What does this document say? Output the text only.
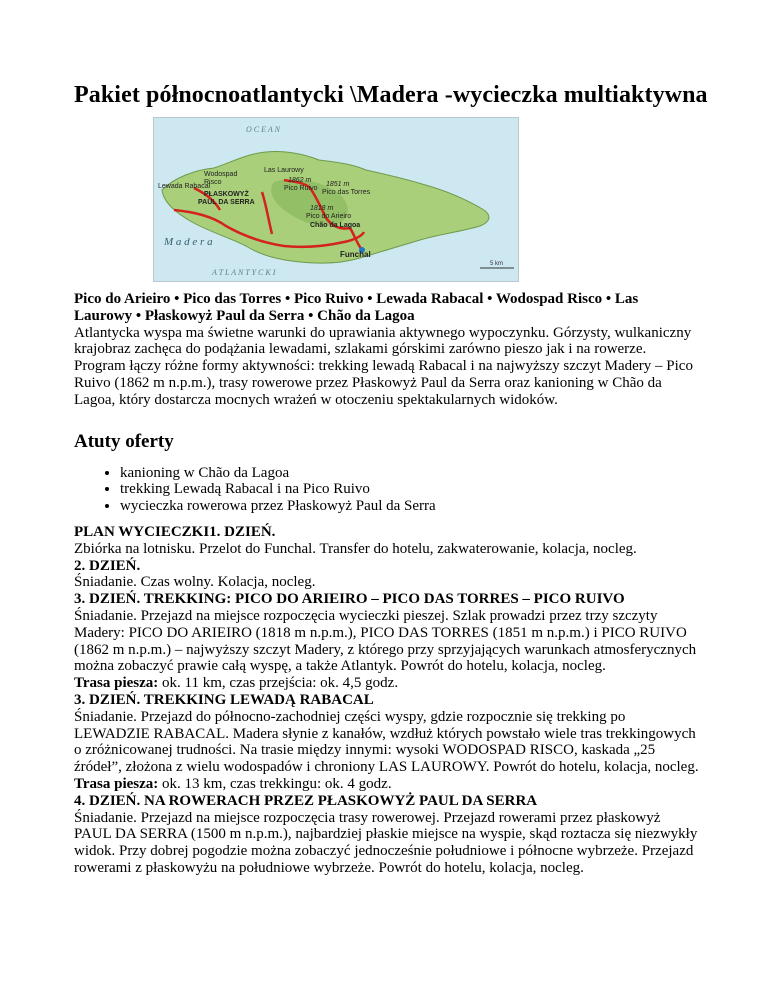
Pakiet północnoatlantycki \Madera -wycieczka multiaktywna
O C E A N
A T L A N T Y C K I
M a d e r a
Lewada Rabacal
Wodospad
Risco
Las Laurowy
1862 m
Pico Ruivo
1851 m
Pico das Torres
PŁASKOWYŻ
PAUL DA SERRA
1818 m
Pico do Arieiro
Chão da Lagoa
Funchal
5 km

Pico do Arieiro • Pico das Torres • Pico Ruivo • Lewada Rabacal • Wodospad Risco • Las Laurowy • Płaskowyż Paul da Serra • Chão da Lagoa

Atlantycka wyspa ma świetne warunki do uprawiania aktywnego wypoczynku. Górzysty, wulkaniczny krajobraz zachęca do podążania lewadami, szlakami górskimi zarówno pieszo jak i na rowerze. Program łączy różne formy aktywności: trekking lewadą Rabacal i na najwyższy szczyt Madery – Pico Ruivo (1862 m n.p.m.), trasy rowerowe przez Płaskowyż Paul da Serra oraz kanioning w Chão da Lagoa, który dostarcza mocnych wrażeń w otoczeniu spektakularnych widoków.

Atuty oferty
• kanioning w Chão da Lagoa
• trekking Lewadą Rabacal i na Pico Ruivo
• wycieczka rowerowa przez Płaskowyż Paul da Serra

PLAN WYCIECZKI1. DZIEŃ.

Zbiórka na lotnisku. Przelot do Funchal. Transfer do hotelu, zakwaterowanie, kolacja, nocleg.

2. DZIEŃ.

Śniadanie. Czas wolny. Kolacja, nocleg.

3. DZIEŃ. TREKKING: PICO DO ARIEIRO – PICO DAS TORRES – PICO RUIVO

Śniadanie. Przejazd na miejsce rozpoczęcia wycieczki pieszej. Szlak prowadzi przez trzy szczyty Madery: PICO DO ARIEIRO (1818 m n.p.m.), PICO DAS TORRES (1851 m n.p.m.) i PICO RUIVO (1862 m n.p.m.) – najwyższy szczyt Madery, z którego przy sprzyjających warunkach atmosferycznych można zobaczyć prawie całą wyspę, a także Atlantyk. Powrót do hotelu, kolacja, nocleg.

Trasa piesza: ok. 11 km, czas przejścia: ok. 4,5 godz.

3. DZIEŃ. TREKKING LEWADĄ RABACAL

Śniadanie. Przejazd do północno-zachodniej części wyspy, gdzie rozpocznie się trekking po LEWADZIE RABACAL. Madera słynie z kanałów, wzdłuż których powstało wiele tras trekkingowych o zróżnicowanej trudności. Na trasie między innymi: wysoki WODOSPAD RISCO, kaskada „25 źródeł”, złożona z wielu wodospadów i chroniony LAS LAUROWY. Powrót do hotelu, kolacja, nocleg.

Trasa piesza: ok. 13 km, czas trekkingu: ok. 4 godz.

4. DZIEŃ. NA ROWERACH PRZEZ PŁASKOWYŻ PAUL DA SERRA

Śniadanie. Przejazd na miejsce rozpoczęcia trasy rowerowej. Przejazd rowerami przez płaskowyż PAUL DA SERRA (1500 m n.p.m.), najbardziej płaskie miejsce na wyspie, skąd roztacza się niezwykły widok. Przy dobrej pogodzie można zobaczyć jednocześnie południowe i północne wybrzeże. Przejazd rowerami z płaskowyżu na południowe wybrzeże. Powrót do hotelu, kolacja, nocleg.
